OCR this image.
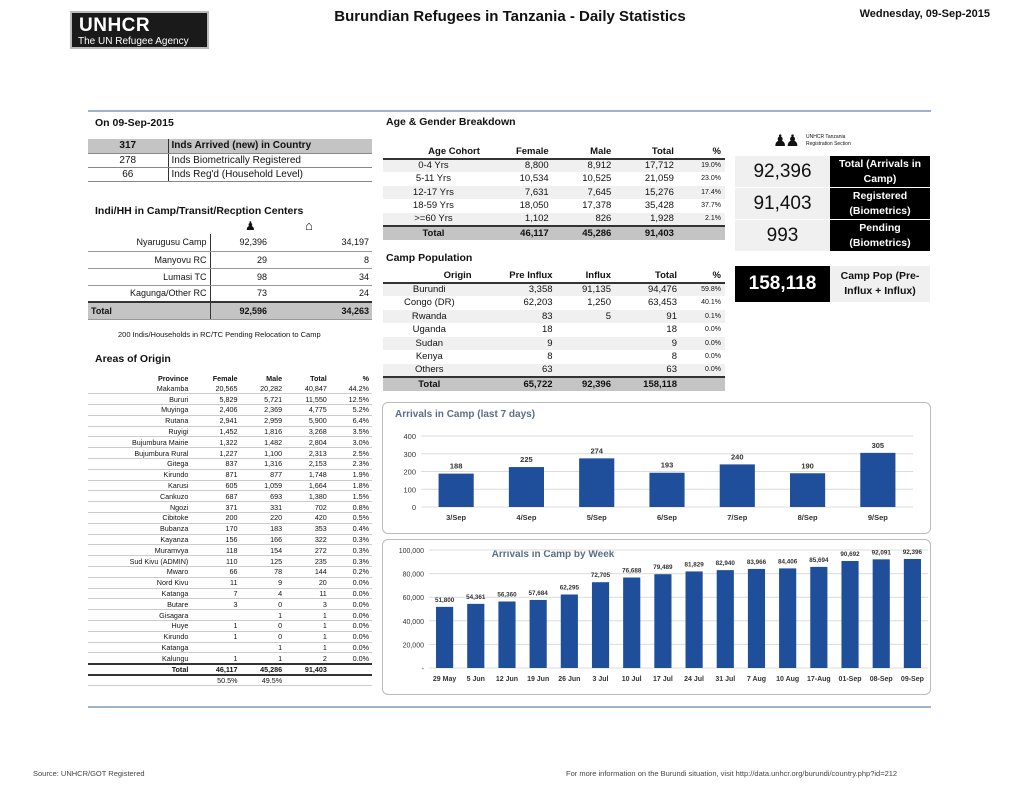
UNHCR
The UN Refugee Agency
Burundian Refugees in Tanzania - Daily Statistics	Wednesday, 09-Sep-2015
On 09-Sep-2015
317	Inds Arrived (new) in Country
278	Inds Biometrically Registered
66	Inds Reg'd (Household Level)
Indi/HH in Camp/Transit/Recption Centers
♟	⌂
Nyarugusu Camp	92,396	34,197
Manyovu RC	29	8
Lumasi TC	98	34
Kagunga/Other RC	73	24
Total	92,596	34,263
200 Indis/Households in RC/TC Pending Relocation to Camp
Areas of Origin
Province	Female	Male	Total	%
Makamba	20,565	20,282	40,847	44.2%
Bururi	5,829	5,721	11,550	12.5%
Muyinga	2,406	2,369	4,775	5.2%
Rutana	2,941	2,959	5,900	6.4%
Ruyigi	1,452	1,816	3,268	3.5%
Bujumbura Mairie	1,322	1,482	2,804	3.0%
Bujumbura Rural	1,227	1,100	2,313	2.5%
Gitega	837	1,316	2,153	2.3%
Kirundo	871	877	1,748	1.9%
Karusi	605	1,059	1,664	1.8%
Cankuzo	687	693	1,380	1.5%
Ngozi	371	331	702	0.8%
Cibitoke	200	220	420	0.5%
Bubanza	170	183	353	0.4%
Kayanza	156	166	322	0.3%
Muramvya	118	154	272	0.3%
Sud Kivu (ADMIN)	110	125	235	0.3%
Mwaro	66	78	144	0.2%
Nord Kivu	11	9	20	0.0%
Katanga	7	4	11	0.0%
Butare	3	0	3	0.0%
Gisagara		1	1	0.0%
Huye	1	0	1	0.0%
Kirundo	1	0	1	0.0%
Katanga		1	1	0.0%
Kalungu	1	1	2	0.0%
Total	46,117	45,286	91,403	
	50.5%	49.5%		
Age & Gender Breakdown
Age Cohort	Female	Male	Total	%
0-4 Yrs	8,800	8,912	17,712	19.0%
5-11 Yrs	10,534	10,525	21,059	23.0%
12-17 Yrs	7,631	7,645	15,276	17.4%
18-59 Yrs	18,050	17,378	35,428	37.7%
>=60 Yrs	1,102	826	1,928	2.1%
Total	46,117	45,286	91,403	
Camp Population
Origin	Pre Influx	Influx	Total	%
Burundi	3,358	91,135	94,476	59.8%
Congo (DR)	62,203	1,250	63,453	40.1%
Rwanda	83	5	91	0.1%
Uganda	18		18	0.0%
Sudan	9		9	0.0%
Kenya	8		8	0.0%
Others	63		63	0.0%
Total	65,722	92,396	158,118	
♟♟ UNHCR Tanzania
Registration Section
92,396	Total (Arrivals in Camp)
91,403	Registered (Biometrics)
993	Pending (Biometrics)
158,118	Camp Pop (Pre-Influx + Influx)
Arrivals in Camp (last 7 days)
0
100
200
300
400
188
3/Sep
225
4/Sep
274
5/Sep
193
6/Sep
240
7/Sep
190
8/Sep
305
9/Sep
Arrivals in Camp by Week
-
20,000
40,000
60,000
80,000
100,000
51,800
29 May
54,361
5 Jun
56,360
12 Jun
57,684
19 Jun
62,295
26 Jun
72,705
3 Jul
76,688
10 Jul
79,489
17 Jul
81,829
24 Jul
82,940
31 Jul
83,966
7 Aug
84,406
10 Aug
85,694
17-Aug
90,692
01-Sep
92,091
08-Sep
92,396
09-Sep
Source: UNHCR/GOT Registered	For more information on the Burundi situation, visit http://data.unhcr.org/burundi/country.php?id=212
